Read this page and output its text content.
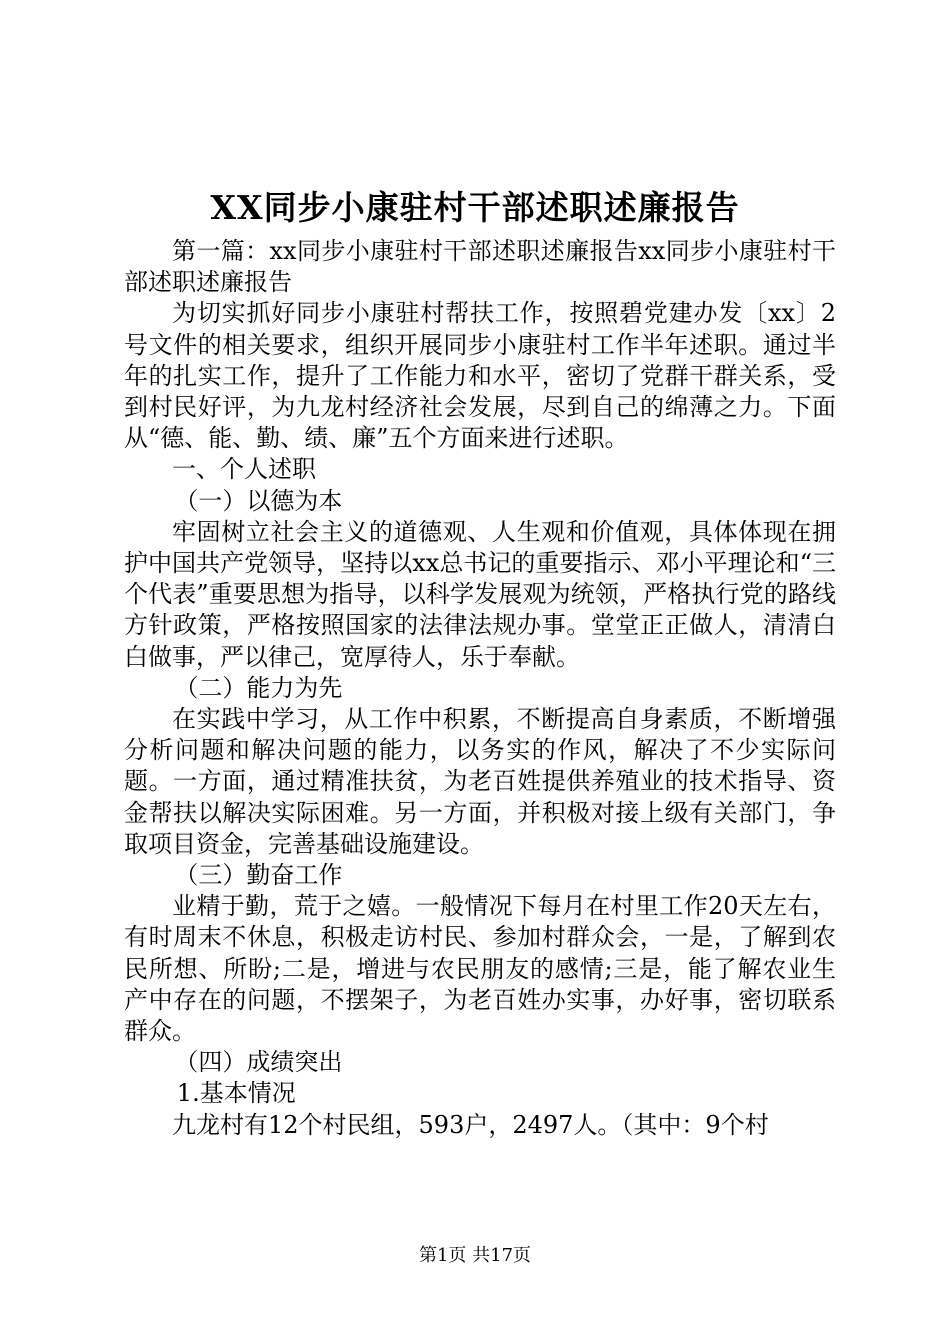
XX同步小康驻村干部述职述廉报告

第一篇：xx同步小康驻村干部述职述廉报告xx同步小康驻村干部述职述廉报告

为切实抓好同步小康驻村帮扶工作，按照碧党建办发〔xx〕2号文件的相关要求，组织开展同步小康驻村工作半年述职。通过半年的扎实工作，提升了工作能力和水平，密切了党群干群关系，受到村民好评，为九龙村经济社会发展，尽到自己的绵薄之力。下面从“德、能、勤、绩、廉”五个方面来进行述职。

一、个人述职

（一）以德为本

牢固树立社会主义的道德观、人生观和价值观，具体体现在拥护中国共产党领导，坚持以xx总书记的重要指示、邓小平理论和“三个代表”重要思想为指导，以科学发展观为统领，严格执行党的路线方针政策，严格按照国家的法律法规办事。堂堂正正做人，清清白白做事，严以律己，宽厚待人，乐于奉献。

（二）能力为先

在实践中学习，从工作中积累，不断提高自身素质，不断增强分析问题和解决问题的能力，以务实的作风，解决了不少实际问题。一方面，通过精准扶贫，为老百姓提供养殖业的技术指导、资金帮扶以解决实际困难。另一方面，并积极对接上级有关部门，争取项目资金，完善基础设施建设。

（三）勤奋工作

业精于勤，荒于之嬉。一般情况下每月在村里工作20天左右，有时周末不休息，积极走访村民、参加村群众会，一是，了解到农民所想、所盼;二是，增进与农民朋友的感情;三是，能了解农业生产中存在的问题，不摆架子，为老百姓办实事，办好事，密切联系群众。

（四）成绩突出

1.基本情况

九龙村有12个村民组，593户，2497人。（其中：9个村

第1页 共17页
